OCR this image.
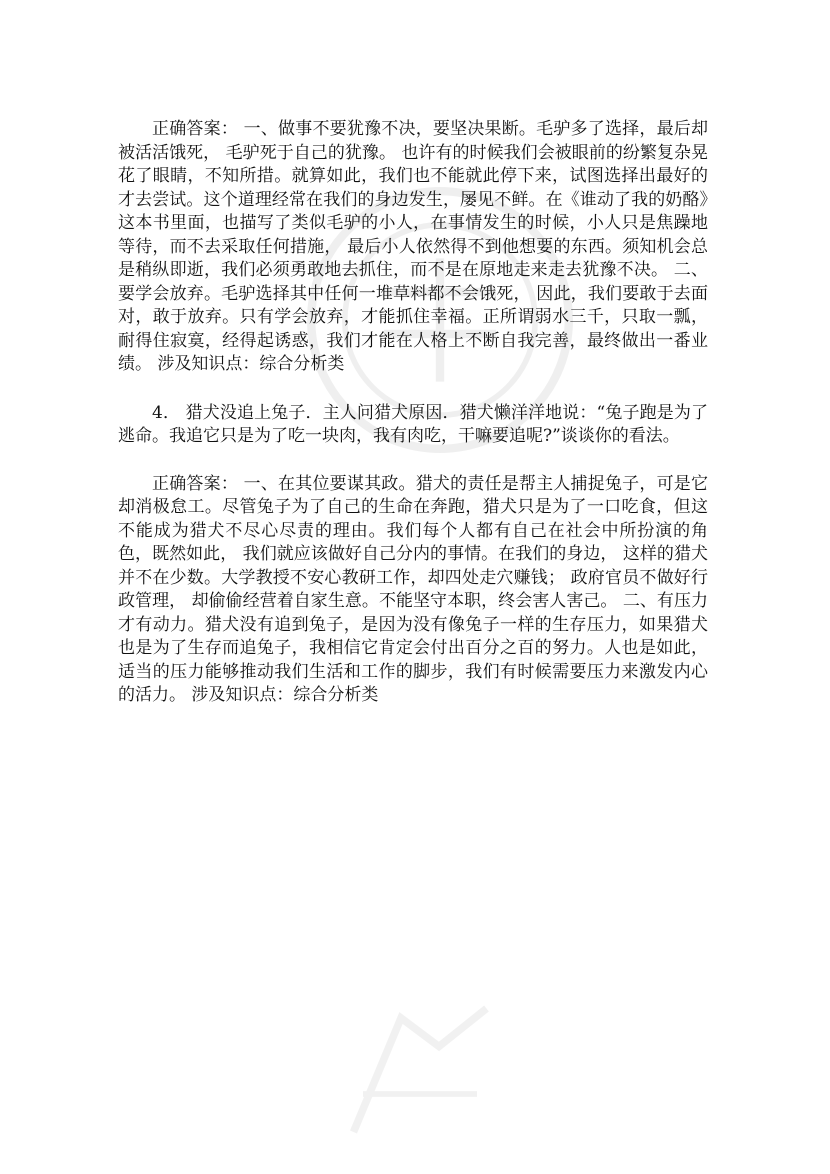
正确答案： 一、做事不要犹豫不决，要坚决果断。毛驴多了选择，最后却被活活饿死， 毛驴死于自己的犹豫。 也许有的时候我们会被眼前的纷繁复杂晃花了眼睛，不知所措。就算如此，我们也不能就此停下来，试图选择出最好的才去尝试。这个道理经常在我们的身边发生，屡见不鲜。在《谁动了我的奶酪》这本书里面，也描写了类似毛驴的小人，在事情发生的时候，小人只是焦躁地等待，而不去采取任何措施， 最后小人依然得不到他想要的东西。须知机会总是稍纵即逝，我们必须勇敢地去抓住，而不是在原地走来走去犹豫不决。 二、要学会放弃。毛驴选择其中任何一堆草料都不会饿死， 因此，我们要敢于去面对，敢于放弃。只有学会放弃，才能抓住幸福。正所谓弱水三千，只取一瓢，耐得住寂寞，经得起诱惑，我们才能在人格上不断自我完善，最终做出一番业绩。 涉及知识点：综合分析类

4． 猎犬没追上兔子．主人问猎犬原因．猎犬懒洋洋地说：“兔子跑是为了逃命。我追它只是为了吃一块肉，我有肉吃，干嘛要追呢?”谈谈你的看法。

正确答案： 一、在其位要谋其政。猎犬的责任是帮主人捕捉兔子，可是它却消极怠工。尽管兔子为了自己的生命在奔跑，猎犬只是为了一口吃食，但这不能成为猎犬不尽心尽责的理由。我们每个人都有自己在社会中所扮演的角色，既然如此， 我们就应该做好自己分内的事情。在我们的身边， 这样的猎犬并不在少数。大学教授不安心教研工作，却四处走穴赚钱； 政府官员不做好行政管理， 却偷偷经营着自家生意。不能坚守本职，终会害人害己。 二、有压力才有动力。猎犬没有追到兔子，是因为没有像兔子一样的生存压力，如果猎犬也是为了生存而追兔子，我相信它肯定会付出百分之百的努力。人也是如此， 适当的压力能够推动我们生活和工作的脚步，我们有时候需要压力来激发内心的活力。 涉及知识点：综合分析类
